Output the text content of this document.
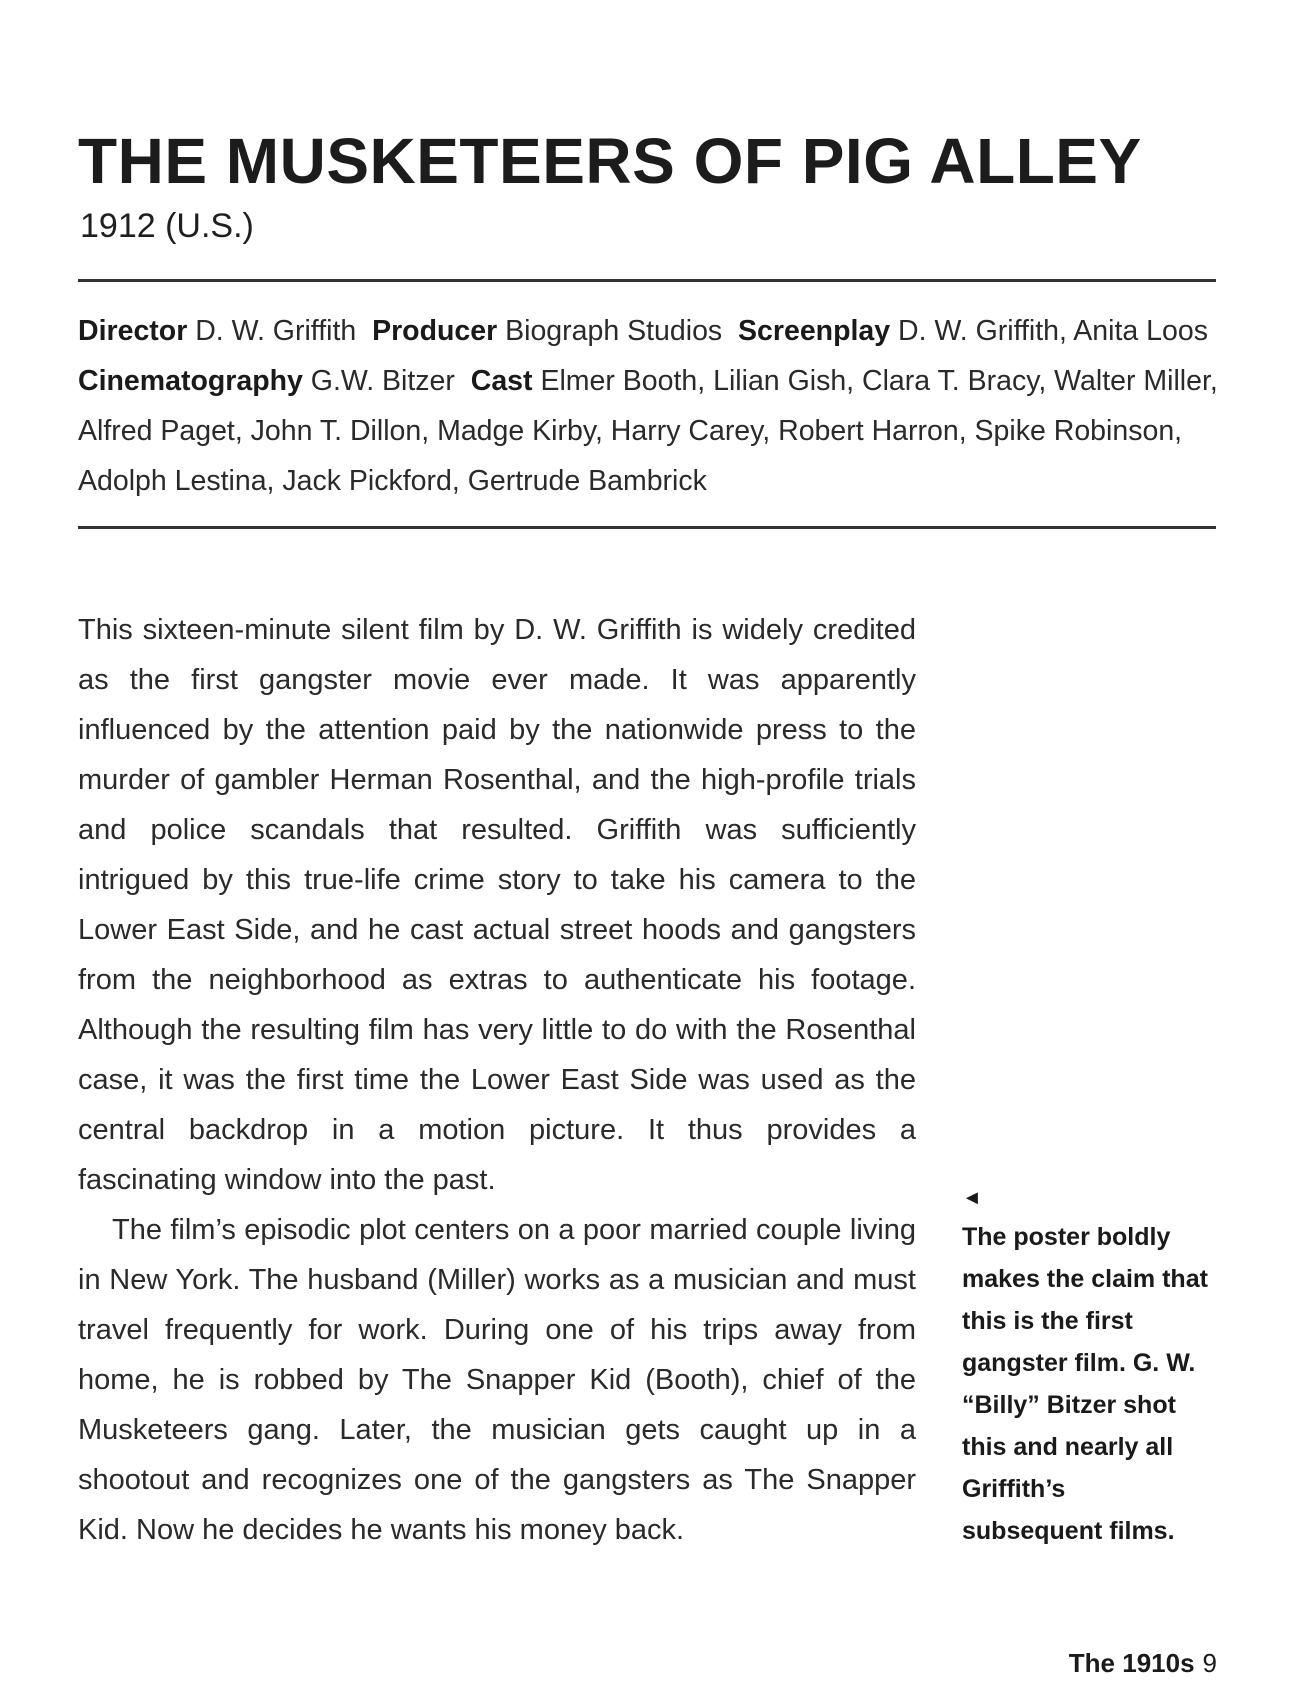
THE MUSKETEERS OF PIG ALLEY
1912 (U.S.)
Director D. W. Griffith Producer Biograph Studios Screenplay D. W. Griffith, Anita Loos  Cinematography G.W. Bitzer Cast Elmer Booth, Lilian Gish, Clara T. Bracy, Walter Miller, Alfred Paget, John T. Dillon, Madge Kirby, Harry Carey, Robert Harron, Spike Robinson, Adolph Lestina, Jack Pickford, Gertrude Bambrick

This sixteen-minute silent film by D. W. Griffith is widely credited as the first gangster movie ever made. It was apparently influenced by the attention paid by the nationwide press to the murder of gambler Herman Rosenthal, and the high-profile trials and police scandals that resulted. Griffith was sufficiently intrigued by this true-life crime story to take his camera to the Lower East Side, and he cast actual street hoods and gangsters from the neighborhood as extras to authenticate his footage. Although the resulting film has very little to do with the Rosenthal case, it was the first time the Lower East Side was used as the central backdrop in a motion picture. It thus provides a fascinating window into the past.

The film’s episodic plot centers on a poor married couple living in New York. The husband (Miller) works as a musician and must travel frequently for work. During one of his trips away from home, he is robbed by The Snapper Kid (Booth), chief of the Musketeers gang. Later, the musician gets caught up in a shootout and recognizes one of the gangsters as The Snapper Kid. Now he decides he wants his money back.

◄
The poster boldly makes the claim that this is the first gangster film. G. W. “Billy” Bitzer shot this and nearly all Griffith’s subsequent films.
The 1910s 9
